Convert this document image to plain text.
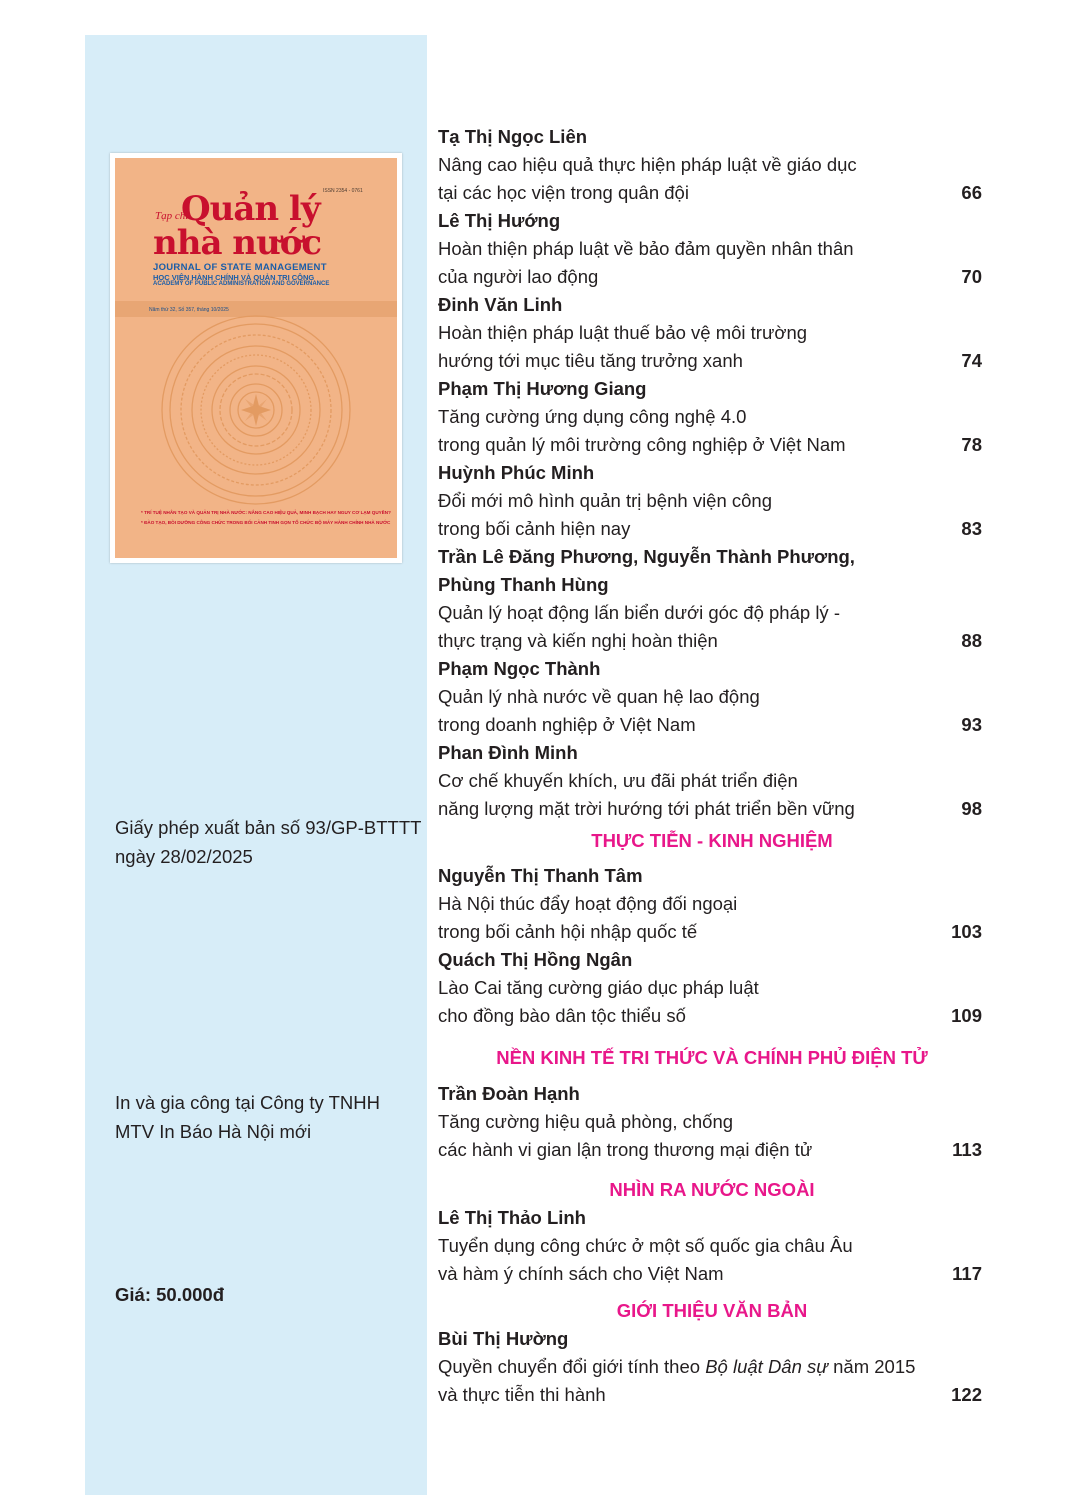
ISSN 2354 - 0761
Tạp chí
Quản lý
nhà nước
JOURNAL OF STATE MANAGEMENT
HỌC VIỆN HÀNH CHÍNH VÀ QUẢN TRỊ CÔNG
ACADEMY OF PUBLIC ADMINISTRATION AND GOVERNANCE
Năm thứ 32, Số 357, tháng 10/2025
* TRÍ TUỆ NHÂN TẠO VÀ QUẢN TRỊ NHÀ NƯỚC: NÂNG CAO HIỆU QUẢ, MINH BẠCH HAY NGUY CƠ LẠM QUYỀN?
* ĐÀO TẠO, BỒI DƯỠNG CÔNG CHỨC TRONG BỐI CẢNH TINH GỌN TỔ CHỨC BỘ MÁY HÀNH CHÍNH NHÀ NƯỚC
Giấy phép xuất bản số 93/GP-BTTTT
ngày 28/02/2025
In và gia công tại Công ty TNHH
MTV In Báo Hà Nội mới
Giá: 50.000đ
Tạ Thị Ngọc Liên
Nâng cao hiệu quả thực hiện pháp luật về giáo dục
tại các học viện trong quân đội	66
Lê Thị Hướng
Hoàn thiện pháp luật về bảo đảm quyền nhân thân
của người lao động	70
Đinh Văn Linh
Hoàn thiện pháp luật thuế bảo vệ môi trường
hướng tới mục tiêu tăng trưởng xanh	74
Phạm Thị Hương Giang
Tăng cường ứng dụng công nghệ 4.0
trong quản lý môi trường công nghiệp ở Việt Nam	78
Huỳnh Phúc Minh
Đổi mới mô hình quản trị bệnh viện công
trong bối cảnh hiện nay	83
Trần Lê Đăng Phương, Nguyễn Thành Phương,
Phùng Thanh Hùng
Quản lý hoạt động lấn biển dưới góc độ pháp lý -
thực trạng và kiến nghị hoàn thiện	88
Phạm Ngọc Thành
Quản lý nhà nước về quan hệ lao động
trong doanh nghiệp ở Việt Nam	93
Phan Đình Minh
Cơ chế khuyến khích, ưu đãi phát triển điện
năng lượng mặt trời hướng tới phát triển bền vững	98
THỰC TIỄN - KINH NGHIỆM
Nguyễn Thị Thanh Tâm
Hà Nội thúc đẩy hoạt động đối ngoại
trong bối cảnh hội nhập quốc tế	103
Quách Thị Hồng Ngân
Lào Cai tăng cường giáo dục pháp luật
cho đồng bào dân tộc thiểu số	109
NỀN KINH TẾ TRI THỨC VÀ CHÍNH PHỦ ĐIỆN TỬ
Trần Đoàn Hạnh
Tăng cường hiệu quả phòng, chống
các hành vi gian lận trong thương mại điện tử	113
NHÌN RA NƯỚC NGOÀI
Lê Thị Thảo Linh
Tuyển dụng công chức ở một số quốc gia châu Âu
và hàm ý chính sách cho Việt Nam	117
GIỚI THIỆU VĂN BẢN
Bùi Thị Hường
Quyền chuyển đổi giới tính theo Bộ luật Dân sự năm 2015
và thực tiễn thi hành	122
